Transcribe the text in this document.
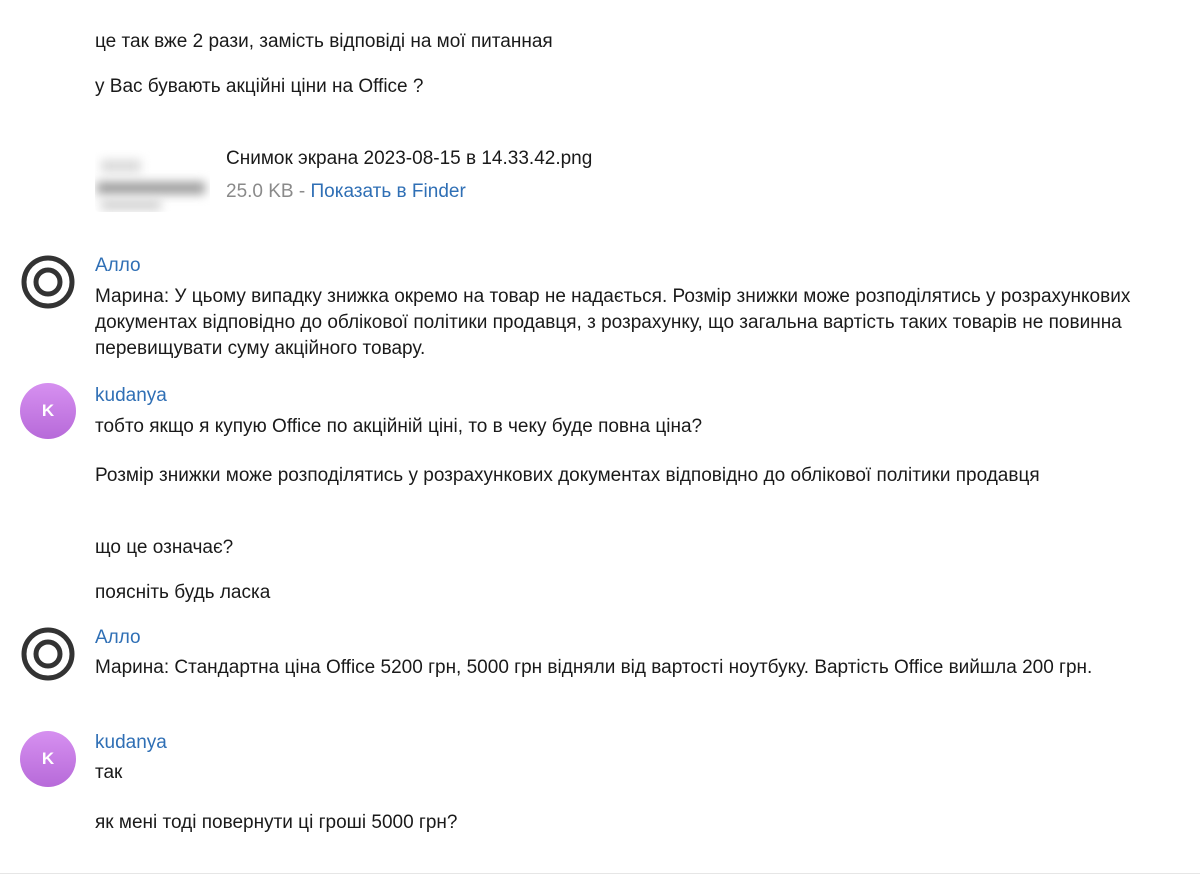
це так вже 2 рази, замість відповіді на мої питанная
у Вас бувають акційні ціни на Office ?
Снимок экрана 2023-08-15 в 14.33.42.png
25.0 KB - Показать в Finder
Алло
Марина: У цьому випадку знижка окремо на товар не надається. Розмір знижки може розподілятись у розрахункових документах відповідно до облікової політики продавця, з розрахунку, що загальна вартість таких товарів не повинна перевищувати суму акційного товару.
K
kudanya
тобто якщо я купую Office по акційній ціні, то в чеку буде повна ціна?
Розмір знижки може розподілятись у розрахункових документах відповідно до облікової політики продавця
що це означає?
поясніть будь ласка
Алло
Марина: Стандартна ціна Office 5200 грн, 5000 грн відняли від вартості ноутбуку. Вартість Office вийшла 200 грн.
K
kudanya
так
як мені тоді повернути ці гроші 5000 грн?
